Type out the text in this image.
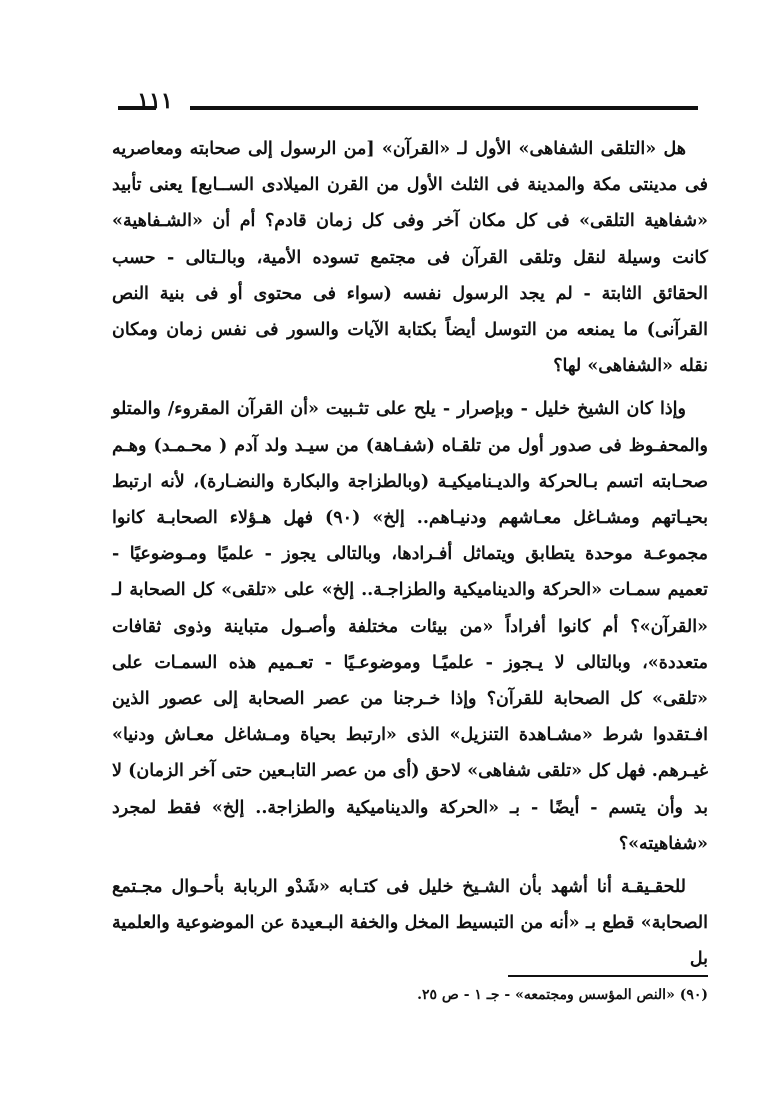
١١١

هل «التلقى الشفاهى» الأول لـ «القرآن» [من الرسول إلى صحابته ومعاصريه فى مدينتى مكة والمدينة فى الثلث الأول من القرن الميلادى الســابع] يعنى تأبيد «شفاهية التلقى» فى كل مكان آخر وفى كل زمان قادم؟ أم أن «الشـفاهية» كانت وسيلة لنقل وتلقى القرآن فى مجتمع تسوده الأمية، وبالـتالى - حسب الحقائق الثابتة - لم يجد الرسول نفسه (سواء فى محتوى أو فى بنية النص القرآنى) ما يمنعه من التوسل أيضاً بكتابة الآيات والسور فى نفس زمان ومكان نقله «الشفاهى» لها؟

وإذا كان الشيخ خليل - وبإصرار - يلح على تثـبيت «أن القرآن المقروء/ والمتلو والمحفـوظ فى صدور أول من تلقـاه (شفـاهة) من سيـد ولد آدم ( محـمـد) وهـم صحـابته اتسم بـالحركة والديـناميكيـة (وبالطزاجة والبكارة والنضـارة)، لأنه ارتبط بحيـاتهم ومشـاغل معـاشهم ودنيـاهم.. إلخ» (٩٠) فهل هـؤلاء الصحابـة كانوا مجموعـة موحدة يتطابق ويتماثل أفـرادها، وبالتالى يجوز - علميًا ومـوضوعيًا - تعميم سمـات «الحركة والديناميكية والطزاجـة.. إلخ» على «تلقى» كل الصحابة لـ «القرآن»؟ أم كانوا أفراداً «من بيئات مختلفة وأصـول متباينة وذوى ثقافات متعددة»، وبالتالى لا يـجوز - علميًـا وموضوعـيًا - تعـميم هذه السمـات على «تلقى» كل الصحابة للقرآن؟ وإذا خـرجنا من عصر الصحابة إلى عصور الذين افـتقدوا شرط «مشـاهدة التنزيل» الذى «ارتبط بحياة ومـشاغل معـاش ودنيا» غيـرهم. فهل كل «تلقى شفاهى» لاحق (أى من عصر التابـعين حتى آخر الزمان) لا بد وأن يتسم - أيضًا - بـ «الحركة والديناميكية والطزاجة.. إلخ» فقط لمجرد «شفاهيته»؟

للحقـيقـة أنا أشهد بأن الشـيخ خليل فى كتـابه «شَدْو الربابة بأحـوال مجـتمع الصحابة» قطع بـ «أنه من التبسيط المخل والخفة البـعيدة عن الموضوعية والعلمية بل

(٩٠) «النص المؤسس ومجتمعه» - جـ ١ - ص ٢٥.
